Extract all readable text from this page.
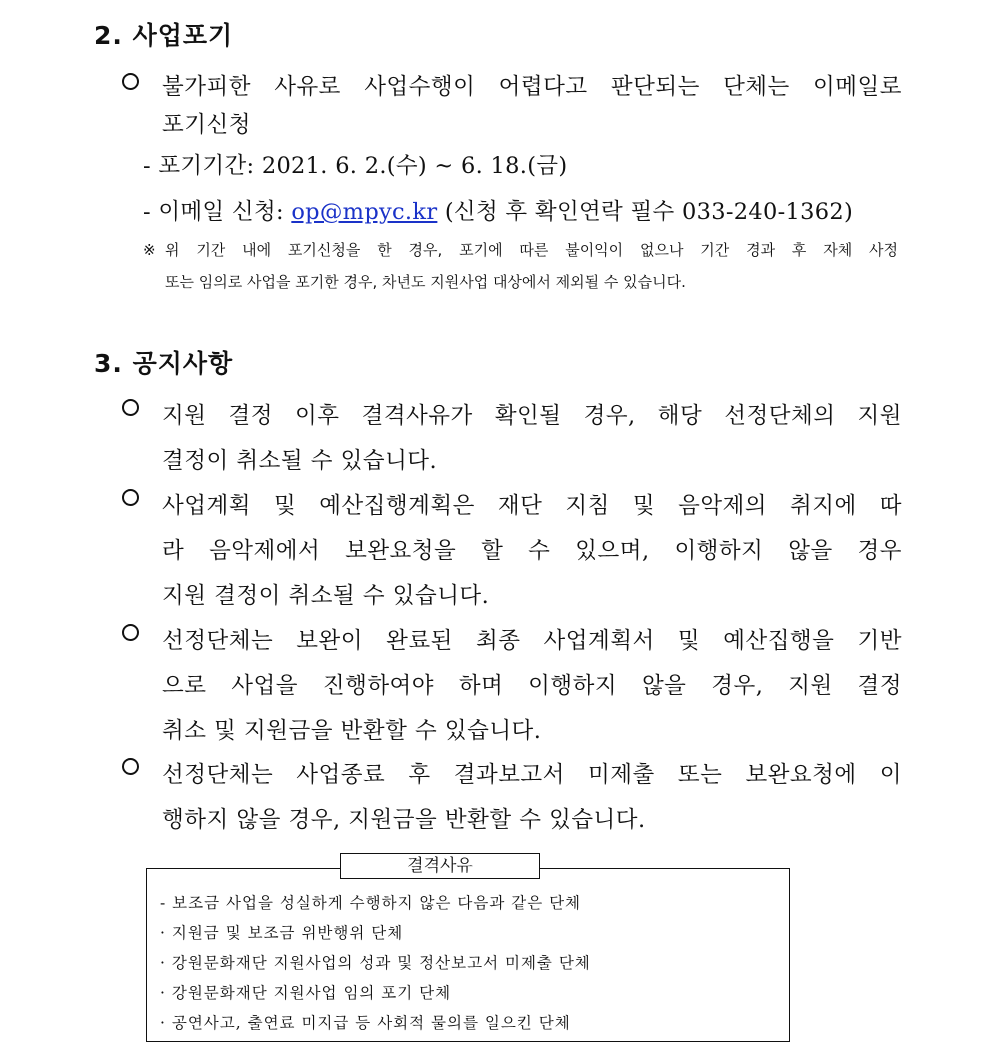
2. 사업포기
불가피한 사유로 사업수행이 어렵다고 판단되는 단체는 이메일로
포기신청
- 포기기간: 2021. 6. 2.(수) ~ 6. 18.(금)
- 이메일 신청: op@mpyc.kr (신청 후 확인연락 필수 033-240-1362)
※ 위 기간 내에 포기신청을 한 경우, 포기에 따른 불이익이 없으나 기간 경과 후 자체 사정
또는 임의로 사업을 포기한 경우, 차년도 지원사업 대상에서 제외될 수 있습니다.
3. 공지사항
지원 결정 이후 결격사유가 확인될 경우, 해당 선정단체의 지원
결정이 취소될 수 있습니다.
사업계획 및 예산집행계획은 재단 지침 및 음악제의 취지에 따
라 음악제에서 보완요청을 할 수 있으며, 이행하지 않을 경우
지원 결정이 취소될 수 있습니다.
선정단체는 보완이 완료된 최종 사업계획서 및 예산집행을 기반
으로 사업을 진행하여야 하며 이행하지 않을 경우, 지원 결정
취소 및 지원금을 반환할 수 있습니다.
선정단체는 사업종료 후 결과보고서 미제출 또는 보완요청에 이
행하지 않을 경우, 지원금을 반환할 수 있습니다.
결격사유
- 보조금 사업을 성실하게 수행하지 않은 다음과 같은 단체
· 지원금 및 보조금 위반행위 단체
· 강원문화재단 지원사업의 성과 및 정산보고서 미제출 단체
· 강원문화재단 지원사업 임의 포기 단체
· 공연사고, 출연료 미지급 등 사회적 물의를 일으킨 단체
